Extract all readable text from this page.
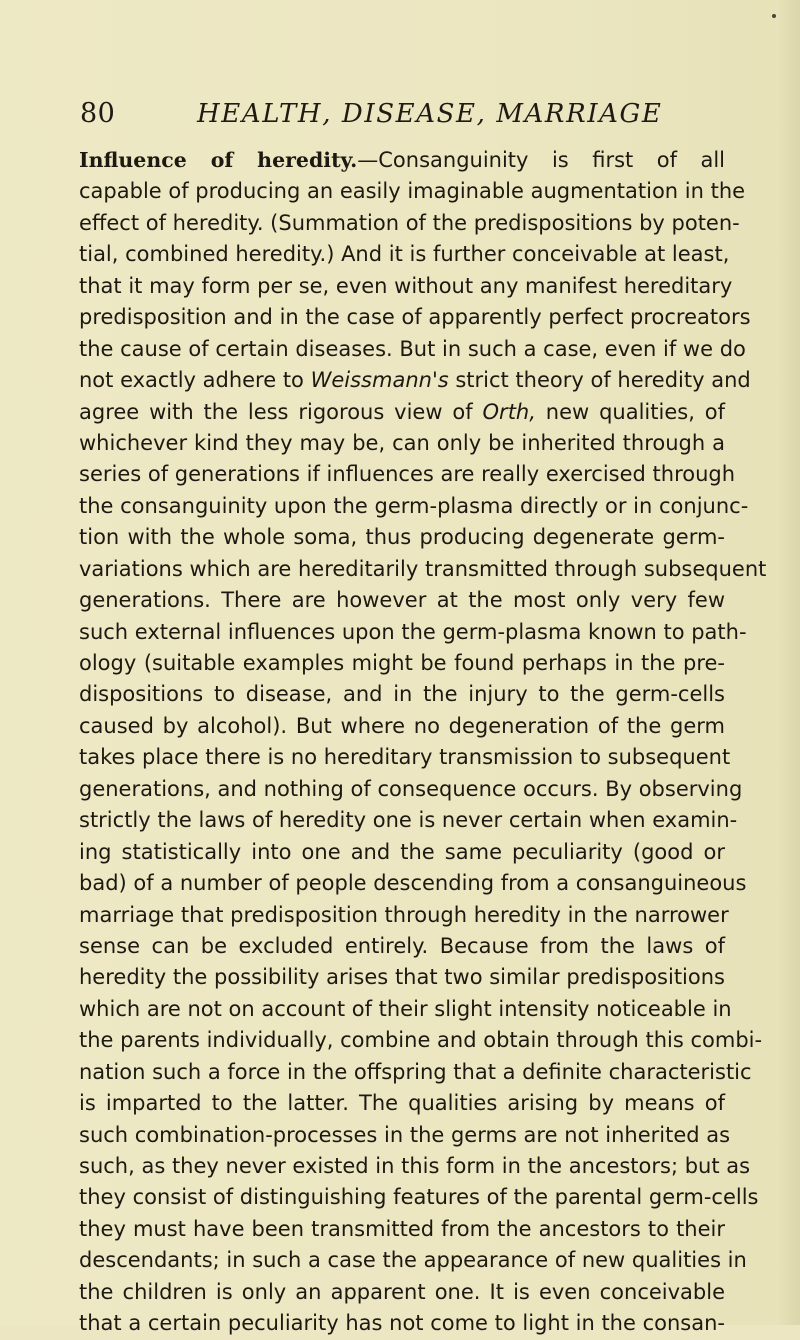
80	HEALTH, DISEASE, MARRIAGE
Influence of heredity.—Consanguinity is first of all
capable of producing an easily imaginable augmentation in the
effect of heredity. (Summation of the predispositions by poten-
tial, combined heredity.) And it is further conceivable at least,
that it may form per se, even without any manifest hereditary
predisposition and in the case of apparently perfect procreators
the cause of certain diseases. But in such a case, even if we do
not exactly adhere to Weissmann's strict theory of heredity and
agree with the less rigorous view of Orth, new qualities, of
whichever kind they may be, can only be inherited through a
series of generations if influences are really exercised through
the consanguinity upon the germ-plasma directly or in conjunc-
tion with the whole soma, thus producing degenerate germ-
variations which are hereditarily transmitted through subsequent
generations. There are however at the most only very few
such external influences upon the germ-plasma known to path-
ology (suitable examples might be found perhaps in the pre-
dispositions to disease, and in the injury to the germ-cells
caused by alcohol). But where no degeneration of the germ
takes place there is no hereditary transmission to subsequent
generations, and nothing of consequence occurs. By observing
strictly the laws of heredity one is never certain when examin-
ing statistically into one and the same peculiarity (good or
bad) of a number of people descending from a consanguineous
marriage that predisposition through heredity in the narrower
sense can be excluded entirely. Because from the laws of
heredity the possibility arises that two similar predispositions
which are not on account of their slight intensity noticeable in
the parents individually, combine and obtain through this combi-
nation such a force in the offspring that a definite characteristic
is imparted to the latter. The qualities arising by means of
such combination-processes in the germs are not inherited as
such, as they never existed in this form in the ancestors; but as
they consist of distinguishing features of the parental germ-cells
they must have been transmitted from the ancestors to their
descendants; in such a case the appearance of new qualities in
the children is only an apparent one. It is even conceivable
that a certain peculiarity has not come to light in the consan-
